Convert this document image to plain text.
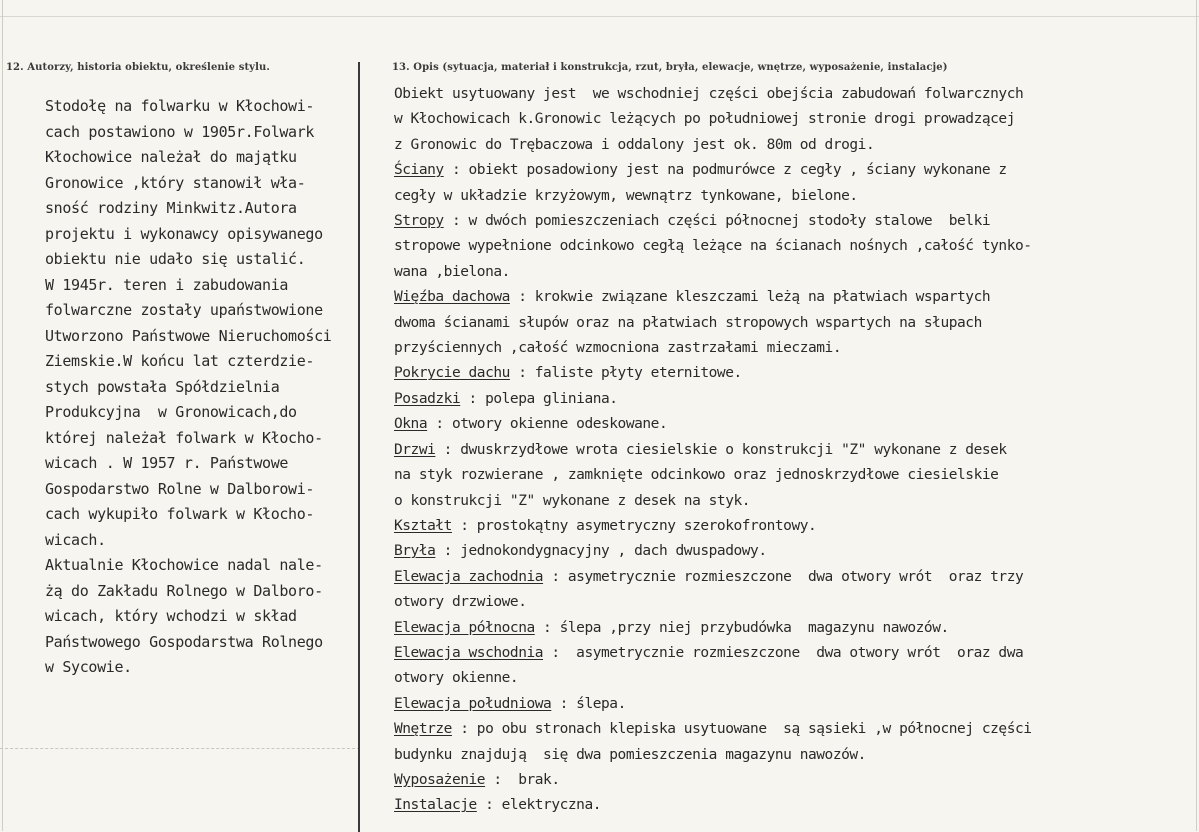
12. Autorzy, historia obiektu, określenie stylu.	13. Opis (sytuacja, materiał i konstrukcja, rzut, bryła, elewacje, wnętrze, wyposażenie, instalacje)
Stodołę na folwarku w Kłochowi-
cach postawiono w 1905r.Folwark
Kłochowice należał do majątku
Gronowice ,który stanowił wła-
sność rodziny Minkwitz.Autora
projektu i wykonawcy opisywanego
obiektu nie udało się ustalić.
W 1945r. teren i zabudowania
folwarczne zostały upaństwowione
Utworzono Państwowe Nieruchomości
Ziemskie.W końcu lat czterdzie-
stych powstała Spółdzielnia
Produkcyjna  w Gronowicach,do
której należał folwark w Kłocho-
wicach . W 1957 r. Państwowe
Gospodarstwo Rolne w Dalborowi-
cach wykupiło folwark w Kłocho-
wicach.
Aktualnie Kłochowice nadal nale-
żą do Zakładu Rolnego w Dalboro-
wicach, który wchodzi w skład
Państwowego Gospodarstwa Rolnego
w Sycowie.
Obiekt usytuowany jest  we wschodniej części obejścia zabudowań folwarcznych
w Kłochowicach k.Gronowic leżących po południowej stronie drogi prowadzącej
z Gronowic do Trębaczowa i oddalony jest ok. 80m od drogi.
Ściany : obiekt posadowiony jest na podmurówce z cegły , ściany wykonane z
cegły w układzie krzyżowym, wewnątrz tynkowane, bielone.
Stropy : w dwóch pomieszczeniach części północnej stodoły stalowe  belki
stropowe wypełnione odcinkowo cegłą leżące na ścianach nośnych ,całość tynko-
wana ,bielona.
Więźba dachowa : krokwie związane kleszczami leżą na płatwiach wspartych
dwoma ścianami słupów oraz na płatwiach stropowych wspartych na słupach
przyściennych ,całość wzmocniona zastrzałami mieczami.
Pokrycie dachu : faliste płyty eternitowe.
Posadzki : polepa gliniana.
Okna : otwory okienne odeskowane.
Drzwi : dwuskrzydłowe wrota ciesielskie o konstrukcji "Z" wykonane z desek
na styk rozwierane , zamknięte odcinkowo oraz jednoskrzydłowe ciesielskie
o konstrukcji "Z" wykonane z desek na styk.
Kształt : prostokątny asymetryczny szerokofrontowy.
Bryła : jednokondygnacyjny , dach dwuspadowy.
Elewacja zachodnia : asymetrycznie rozmieszczone  dwa otwory wrót  oraz trzy
otwory drzwiowe.
Elewacja północna : ślepa ,przy niej przybudówka  magazynu nawozów.
Elewacja wschodnia :  asymetrycznie rozmieszczone  dwa otwory wrót  oraz dwa
otwory okienne.
Elewacja południowa : ślepa.
Wnętrze : po obu stronach klepiska usytuowane  są sąsieki ,w północnej części
budynku znajdują  się dwa pomieszczenia magazynu nawozów.
Wyposażenie :  brak.
Instalacje : elektryczna.
